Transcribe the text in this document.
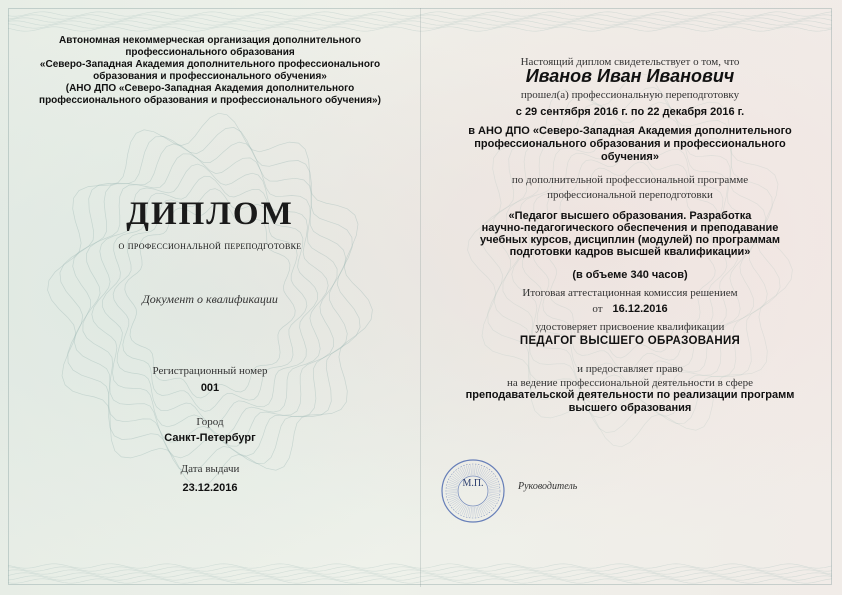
Автономная некоммерческая организация дополнительного
профессионального образования
«Северо-Западная Академия дополнительного профессионального
образования и профессионального обучения»
(АНО ДПО «Северо-Западная Академия дополнительного
профессионального образования и профессионального обучения»)
ДИПЛОМ
о профессиональной переподготовке
Документ о квалификации
Регистрационный номер
001
Город
Санкт-Петербург
Дата выдачи
23.12.2016
Настоящий диплом свидетельствует о том, что
Иванов Иван Иванович
прошел(а) профессиональную переподготовку
с 29 сентября 2016 г. по 22 декабря 2016 г.
в АНО ДПО «Северо-Западная Академия дополнительного
профессионального образования и профессионального
обучения»
по дополнительной профессиональной программе
профессиональной переподготовки
«Педагог высшего образования. Разработка
научно-педагогического обеспечения и преподавание
учебных курсов, дисциплин (модулей) по программам
подготовки кадров высшей квалификации»
(в объеме 340 часов)
Итоговая аттестационная комиссия решением
от 16.12.2016
удостоверяет присвоение квалификации
ПЕДАГОГ ВЫСШЕГО ОБРАЗОВАНИЯ
и предоставляет право
на ведение профессиональной деятельности в сфере
преподавательской деятельности по реализации программ
высшего образования
М.П.	Руководитель
